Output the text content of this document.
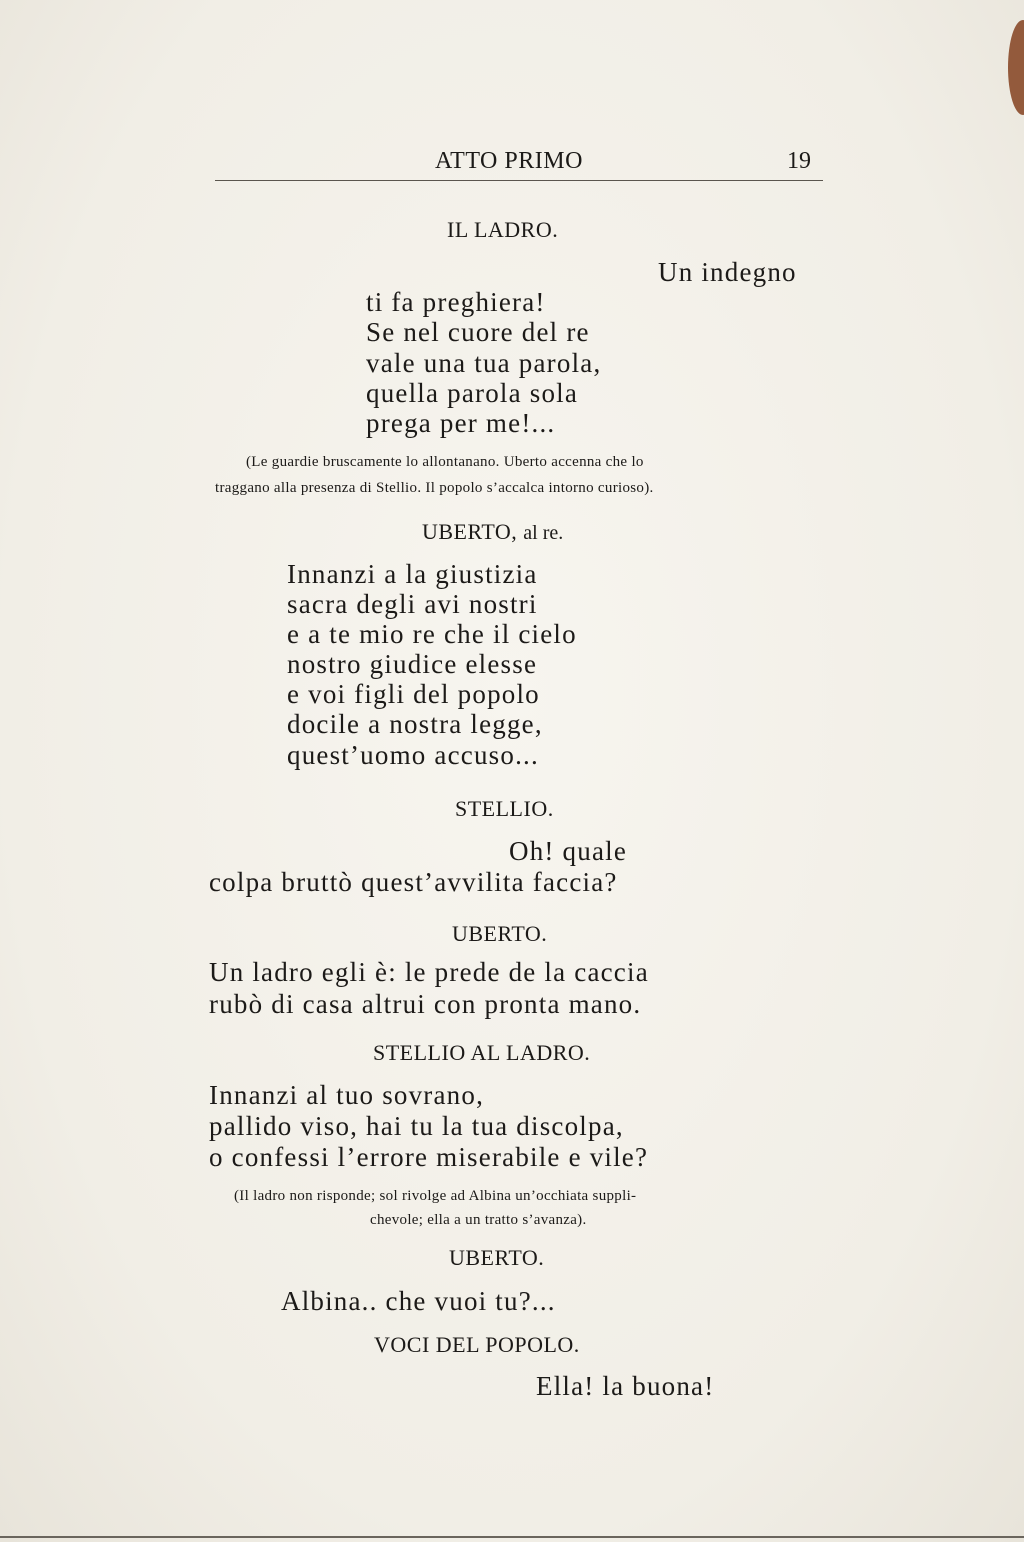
ATTO PRIMO	19
IL LADRO.
Un indegno
ti fa preghiera!
Se nel cuore del re
vale una tua parola,
quella parola sola
prega per me!...
(Le guardie bruscamente lo allontanano. Uberto accenna che lo
traggano alla presenza di Stellio. Il popolo s’accalca intorno curioso).
UBERTO, al re.
Innanzi a la giustizia
sacra degli avi nostri
e a te mio re che il cielo
nostro giudice elesse
e voi figli del popolo
docile a nostra legge,
quest’uomo accuso...
STELLIO.
Oh! quale
colpa bruttò quest’avvilita faccia?
UBERTO.
Un ladro egli è: le prede de la caccia
rubò di casa altrui con pronta mano.
STELLIO AL LADRO.
Innanzi al tuo sovrano,
pallido viso, hai tu la tua discolpa,
o confessi l’errore miserabile e vile?
(Il ladro non risponde; sol rivolge ad Albina un’occhiata suppli-
chevole; ella a un tratto s’avanza).
UBERTO.
Albina.. che vuoi tu?...
VOCI DEL POPOLO.
Ella! la buona!
